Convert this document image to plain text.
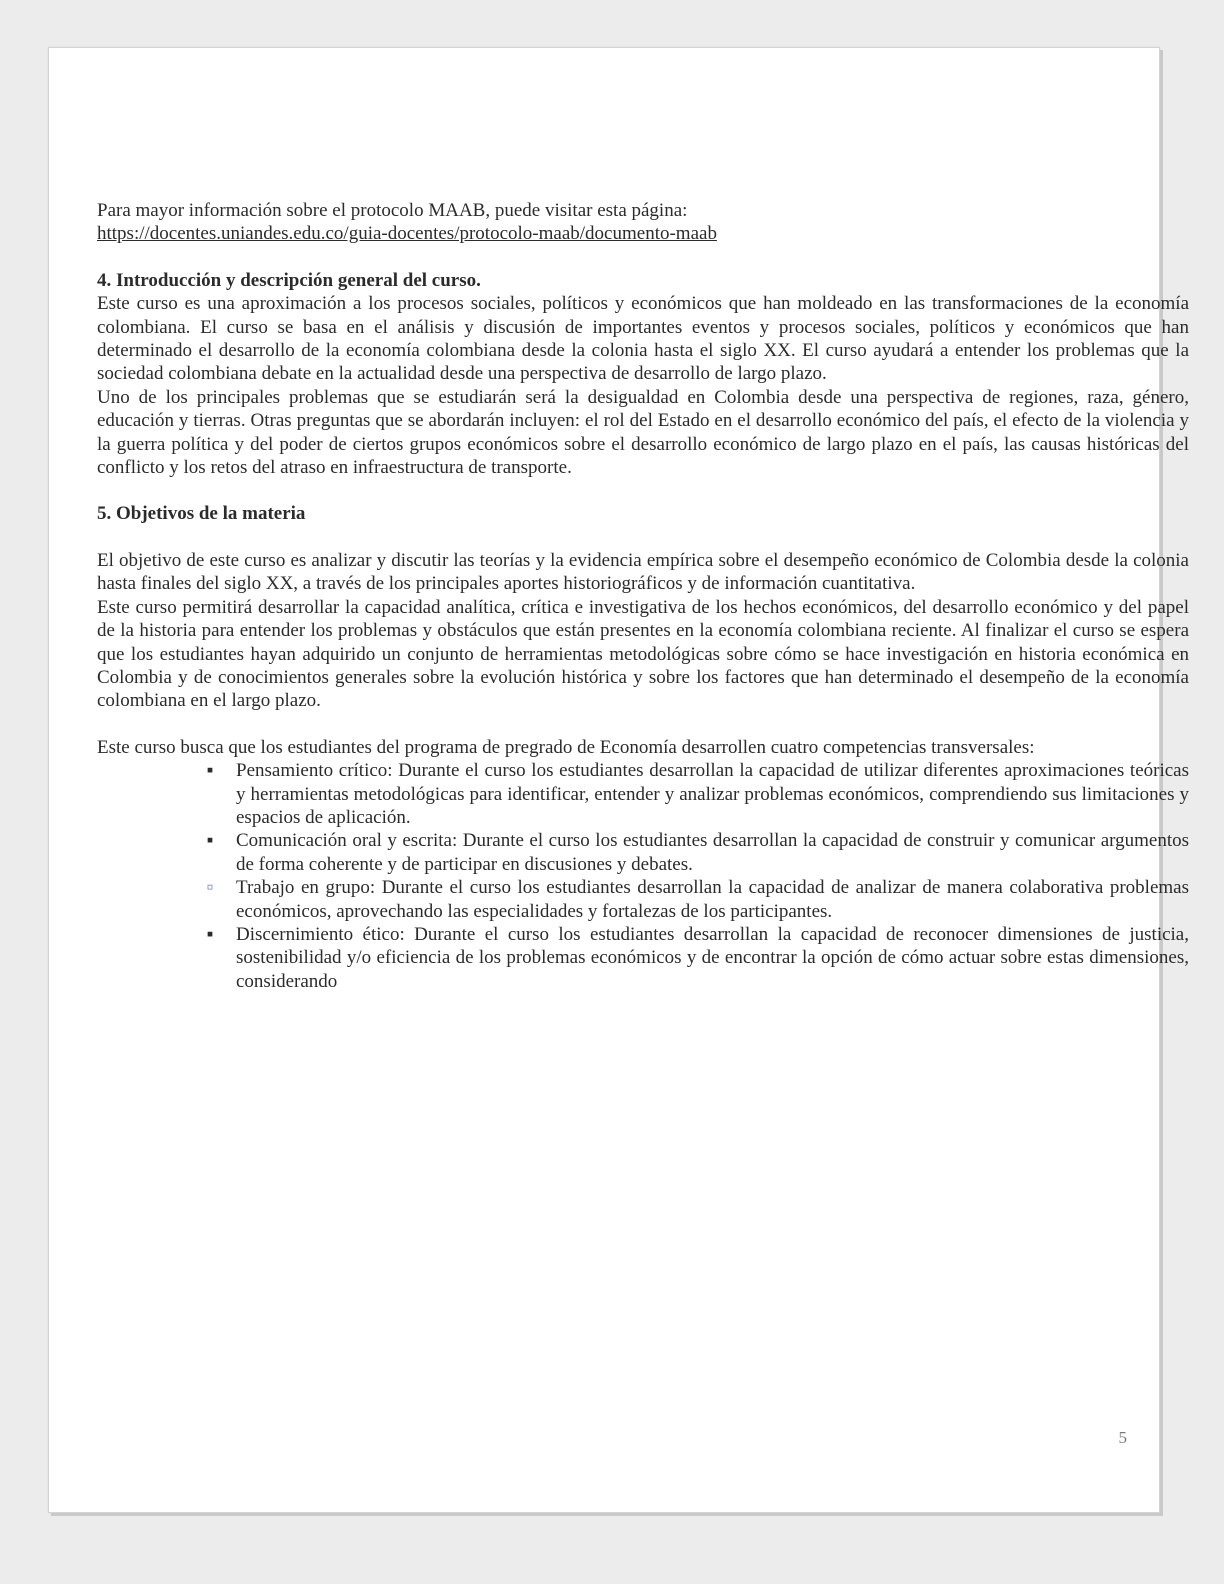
Para mayor información sobre el protocolo MAAB, puede visitar esta página:

https://docentes.uniandes.edu.co/guia-docentes/protocolo-maab/documento-maab

4. Introducción y descripción general del curso.

Este curso es una aproximación a los procesos sociales, políticos y económicos que han moldeado en las transformaciones de la economía colombiana. El curso se basa en el análisis y discusión de importantes eventos y procesos sociales, políticos y económicos que han determinado el desarrollo de la economía colombiana desde la colonia hasta el siglo XX. El curso ayudará a entender los problemas que la sociedad colombiana debate en la actualidad desde una perspectiva de desarrollo de largo plazo.

Uno de los principales problemas que se estudiarán será la desigualdad en Colombia desde una perspectiva de regiones, raza, género, educación y tierras. Otras preguntas que se abordarán incluyen: el rol del Estado en el desarrollo económico del país, el efecto de la violencia y la guerra política y del poder de ciertos grupos económicos sobre el desarrollo económico de largo plazo en el país, las causas históricas del conflicto y los retos del atraso en infraestructura de transporte.

5. Objetivos de la materia

El objetivo de este curso es analizar y discutir las teorías y la evidencia empírica sobre el desempeño económico de Colombia desde la colonia hasta finales del siglo XX, a través de los principales aportes historiográficos y de información cuantitativa.

Este curso permitirá desarrollar la capacidad analítica, crítica e investigativa de los hechos económicos, del desarrollo económico y del papel de la historia para entender los problemas y obstáculos que están presentes en la economía colombiana reciente. Al finalizar el curso se espera que los estudiantes hayan adquirido un conjunto de herramientas metodológicas sobre cómo se hace investigación en historia económica en Colombia y de conocimientos generales sobre la evolución histórica y sobre los factores que han determinado el desempeño de la economía colombiana en el largo plazo.

Este curso busca que los estudiantes del programa de pregrado de Economía desarrollen cuatro competencias transversales:

▪ Pensamiento crítico: Durante el curso los estudiantes desarrollan la capacidad de utilizar diferentes aproximaciones teóricas y herramientas metodológicas para identificar, entender y analizar problemas económicos, comprendiendo sus limitaciones y espacios de aplicación.
▪ Comunicación oral y escrita: Durante el curso los estudiantes desarrollan la capacidad de construir y comunicar argumentos de forma coherente y de participar en discusiones y debates.
▫ Trabajo en grupo: Durante el curso los estudiantes desarrollan la capacidad de analizar de manera colaborativa problemas económicos, aprovechando las especialidades y fortalezas de los participantes.
▪ Discernimiento ético: Durante el curso los estudiantes desarrollan la capacidad de reconocer dimensiones de justicia, sostenibilidad y/o eficiencia de los problemas económicos y de encontrar la opción de cómo actuar sobre estas dimensiones, considerando
5
